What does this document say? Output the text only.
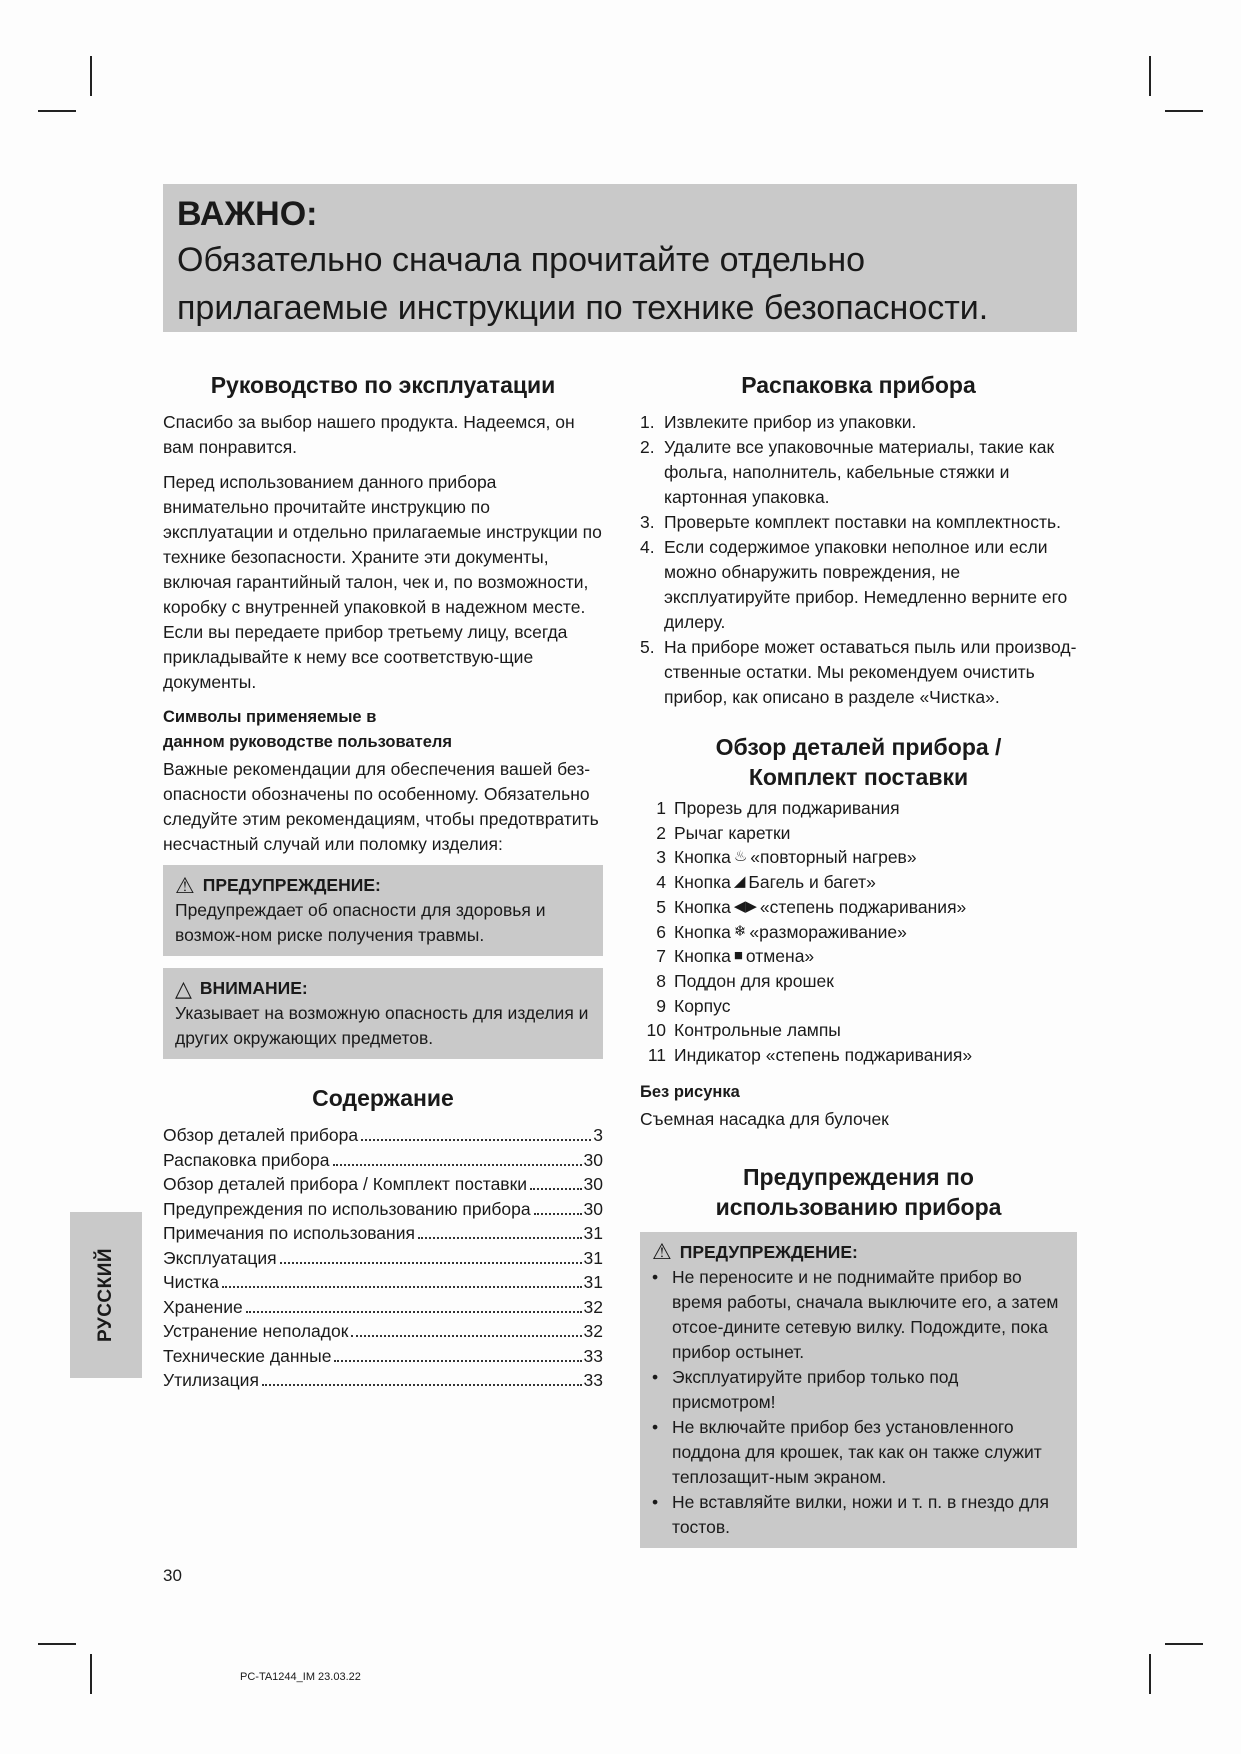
ВАЖНО:
Обязательно сначала прочитайте отдельно прилагаемые инструкции по технике безопасности.
Руководство по эксплуатации

Спасибо за выбор нашего продукта. Надеемся, он вам понравится.

Перед использованием данного прибора внимательно прочитайте инструкцию по эксплуатации и отдельно прилагаемые инструкции по технике безопасности. Храните эти документы, включая гарантийный талон, чек и, по возможности, коробку с внутренней упаковкой в надежном месте. Если вы передаете прибор третьему лицу, всегда прикладывайте к нему все соответствую-щие документы.

Символы применяемые в
данном руководстве пользователя

Важные рекомендации для обеспечения вашей без-опасности обозначены по особенному. Обязательно следуйте этим рекомендациям, чтобы предотвратить несчастный случай или поломку изделия:

⚠ ПРЕДУПРЕЖДЕНИЕ:

Предупреждает об опасности для здоровья и возмож-ном риске получения травмы.

△ ВНИМАНИЕ:

Указывает на возможную опасность для изделия и других окружающих предметов.

Содержание
Обзор деталей прибора	3
Распаковка прибора	30
Обзор деталей прибора / Комплект поставки	30
Предупреждения по использованию прибора	30
Примечания по использования	31
Эксплуатация	31
Чистка	31
Хранение	32
Устранение неполадок	32
Технические данные	33
Утилизация	33
Распаковка прибора
1. Извлеките прибор из упаковки.
2. Удалите все упаковочные материалы, такие как фольга, наполнитель, кабельные стяжки и картонная упаковка.
3. Проверьте комплект поставки на комплектность.
4. Если содержимое упаковки неполное или если можно обнаружить повреждения, не эксплуатируйте прибор. Немедленно верните его дилеру.
5. На приборе может оставаться пыль или производ-ственные остатки. Мы рекомендуем очистить прибор, как описано в разделе «Чистка».
Обзор деталей прибора /
Комплект поставки
1 Прорезь для поджаривания
2 Рычаг каретки
3 Кнопка ♨ «повторный нагрев»
4 Кнопка ◢ Багель и багет»
5 Кнопка ◀▶ «степень поджаривания»
6 Кнопка ❄ «размораживание»
7 Кнопка ■ отмена»
8 Поддон для крошек
9 Корпус
10 Контрольные лампы
11 Индикатор «степень поджаривания»
Без рисунка

Съемная насадка для булочек

Предупреждения по
использованию прибора
⚠ ПРЕДУПРЕЖДЕНИЕ:
• Не переносите и не поднимайте прибор во время работы, сначала выключите его, а затем отсое-дините сетевую вилку. Подождите, пока прибор остынет.
• Эксплуатируйте прибор только под присмотром!
• Не включайте прибор без установленного поддона для крошек, так как он также служит теплозащит-ным экраном.
• Не вставляйте вилки, ножи и т. п. в гнездо для тостов.
РУССКИЙ
30
PC-TA1244_IM 23.03.22
